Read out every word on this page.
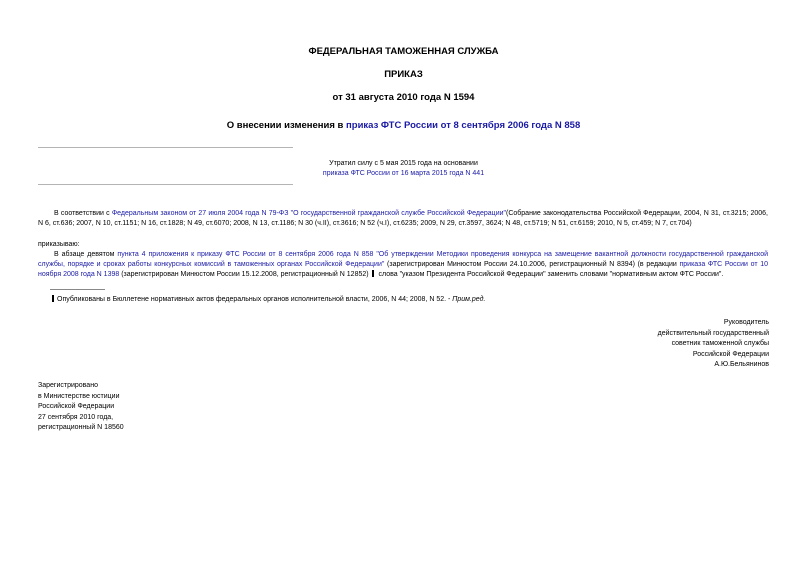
ФЕДЕРАЛЬНАЯ ТАМОЖЕННАЯ СЛУЖБА
ПРИКАЗ
от 31 августа 2010 года N 1594
О внесении изменения в приказ ФТС России от 8 сентября 2006 года N 858
Утратил силу с 5 мая 2015 года на основании
приказа ФТС России от 16 марта 2015 года N 441
В соответствии с Федеральным законом от 27 июля 2004 года N 79-ФЗ "О государственной гражданской службе Российской Федерации"(Собрание законодательства Российской Федерации, 2004, N 31, ст.3215; 2006, N 6, ст.636; 2007, N 10, ст.1151; N 16, ст.1828; N 49, ст.6070; 2008, N 13, ст.1186; N 30 (ч.II), ст.3616; N 52 (ч.I), ст.6235; 2009, N 29, ст.3597, 3624; N 48, ст.5719; N 51, ст.6159; 2010, N 5, ст.459; N 7, ст.704)
приказываю:
В абзаце девятом пункта 4 приложения к приказу ФТС России от 8 сентября 2006 года N 858 "Об утверждении Методики проведения конкурса на замещение вакантной должности государственной гражданской службы, порядке и сроках работы конкурсных комиссий в таможенных органах Российской Федерации" (зарегистрирован Минюстом России 24.10.2006, регистрационный N 8394) (в редакции приказа ФТС России от 10 ноября 2008 года N 1398 (зарегистрирован Минюстом России 15.12.2008, регистрационный N 12852) слова "указом Президента Российской Федерации" заменить словами "нормативным актом ФТС России".
Опубликованы в Бюллетене нормативных актов федеральных органов исполнительной власти, 2006, N 44; 2008, N 52. - Прим.ред.
Руководитель
действительный государственный
советник таможенной службы
Российской Федерации
А.Ю.Бельянинов
Зарегистрировано
в Министерстве юстиции
Российской Федерации
27 сентября 2010 года,
регистрационный N 18560
